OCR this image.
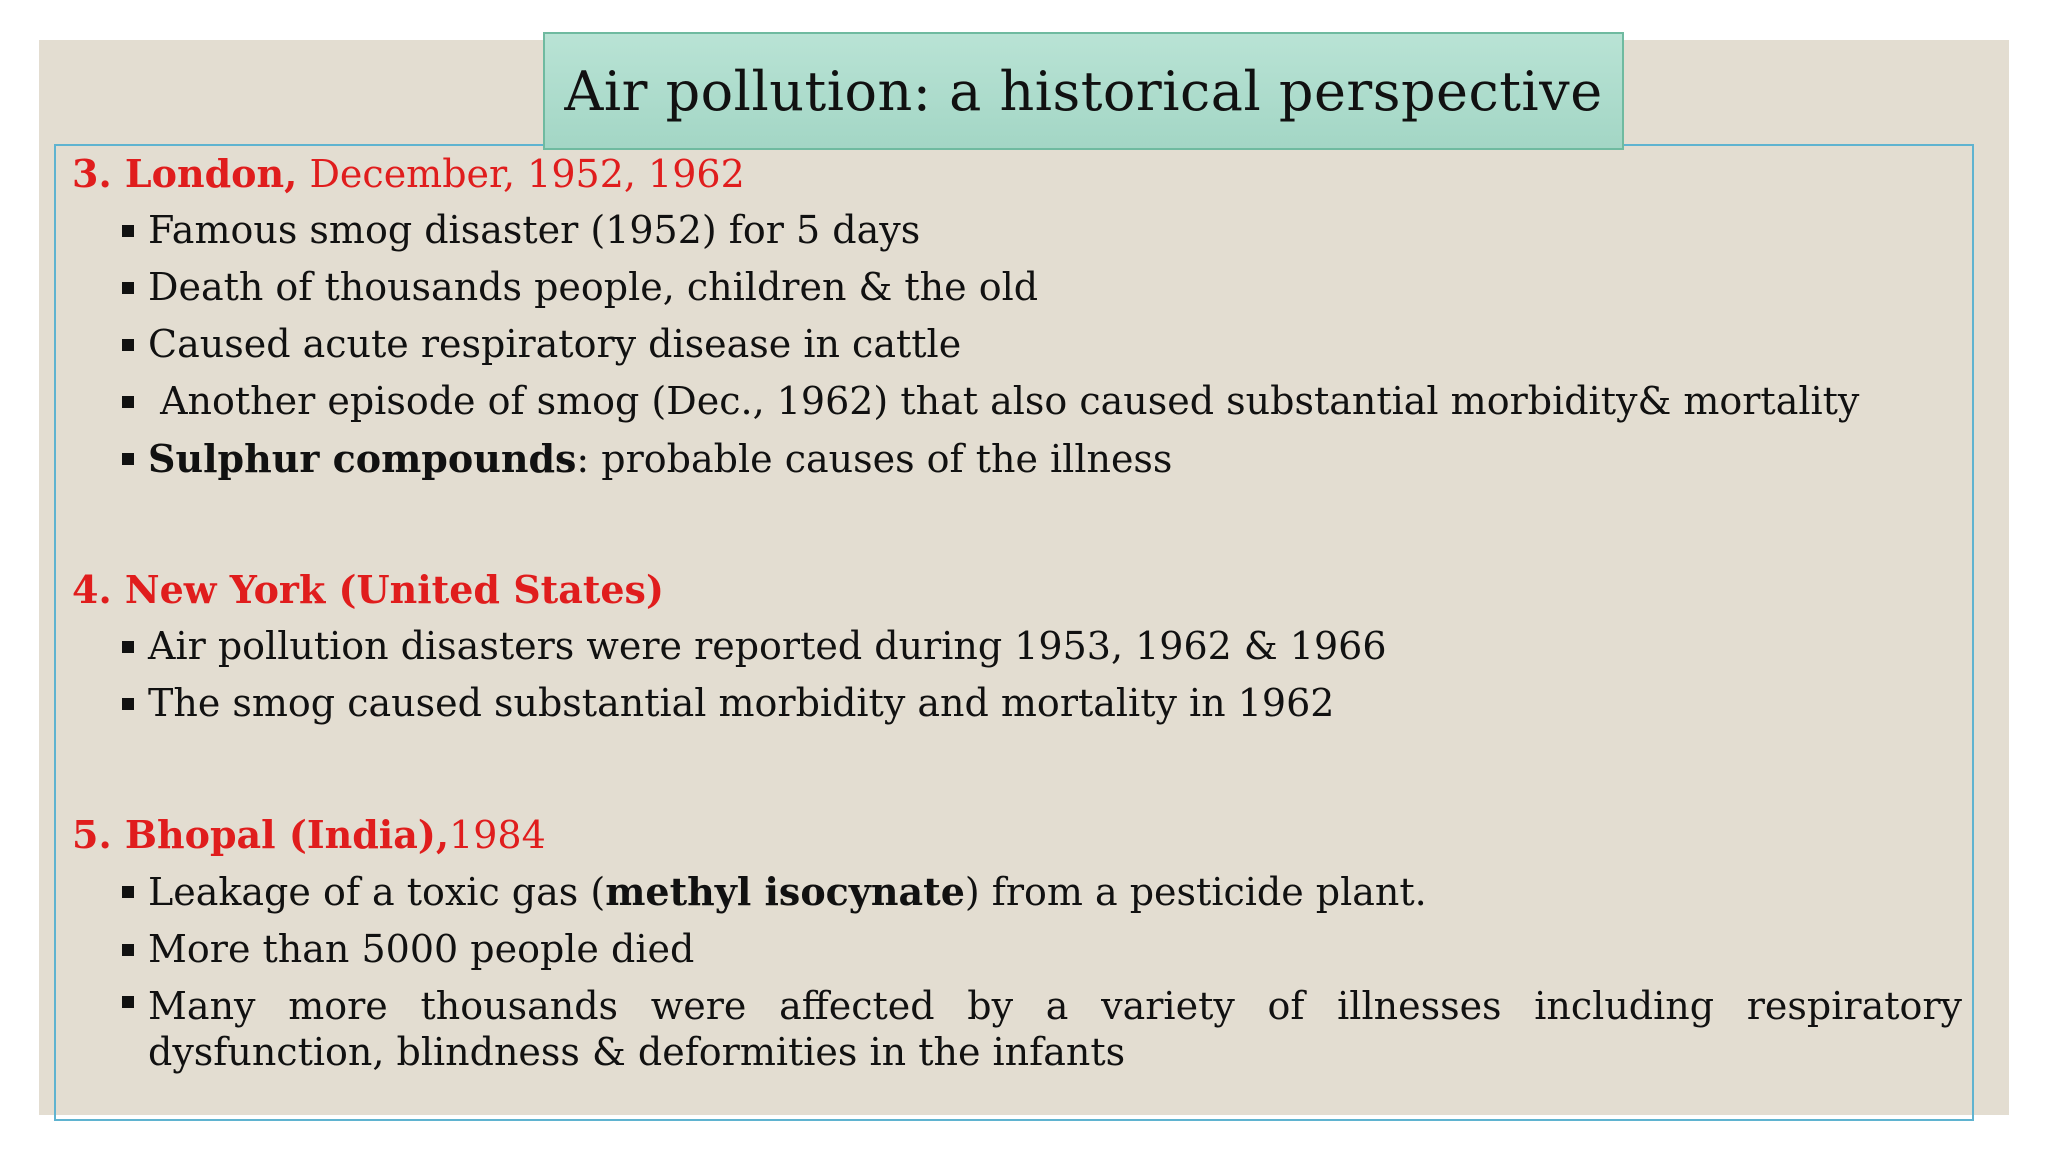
Air pollution: a historical perspective
3. London, December, 1952, 1962
Famous smog disaster (1952) for 5 days
Death of thousands people, children & the old
Caused acute respiratory disease in cattle
Another episode of smog (Dec., 1962) that also caused substantial morbidity& mortality
Sulphur compounds: probable causes of the illness
4. New York (United States)
Air pollution disasters were reported during 1953, 1962 & 1966
The smog caused substantial morbidity and mortality in 1962
5. Bhopal (India),1984
Leakage of a toxic gas (methyl isocynate) from a pesticide plant.
More than 5000 people died
Many more thousands were affected by a variety of illnesses including respiratory dysfunction, blindness & deformities in the infants
